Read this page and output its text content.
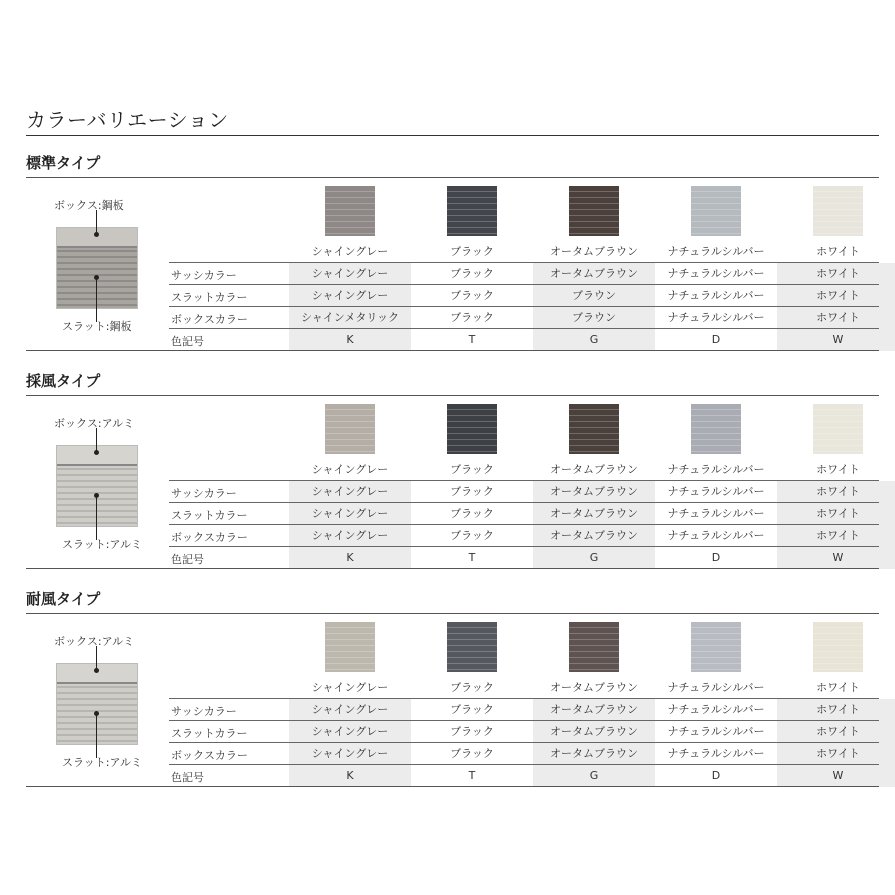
カラーバリエーション
標準タイプ
ボックス:鋼板
スラット:鋼板
シャイングレー	ブラック	オータムブラウン	ナチュラルシルバー	ホワイト
サッシカラー	シャイングレー	ブラック	オータムブラウン	ナチュラルシルバー	ホワイト
スラットカラー	シャイングレー	ブラック	ブラウン	ナチュラルシルバー	ホワイト
ボックスカラー	シャインメタリック	ブラック	ブラウン	ナチュラルシルバー	ホワイト
色記号	K	T	G	D	W
採風タイプ
ボックス:アルミ
スラット:アルミ
シャイングレー	ブラック	オータムブラウン	ナチュラルシルバー	ホワイト
サッシカラー	シャイングレー	ブラック	オータムブラウン	ナチュラルシルバー	ホワイト
スラットカラー	シャイングレー	ブラック	オータムブラウン	ナチュラルシルバー	ホワイト
ボックスカラー	シャイングレー	ブラック	オータムブラウン	ナチュラルシルバー	ホワイト
色記号	K	T	G	D	W
耐風タイプ
ボックス:アルミ
スラット:アルミ
シャイングレー	ブラック	オータムブラウン	ナチュラルシルバー	ホワイト
サッシカラー	シャイングレー	ブラック	オータムブラウン	ナチュラルシルバー	ホワイト
スラットカラー	シャイングレー	ブラック	オータムブラウン	ナチュラルシルバー	ホワイト
ボックスカラー	シャイングレー	ブラック	オータムブラウン	ナチュラルシルバー	ホワイト
色記号	K	T	G	D	W
